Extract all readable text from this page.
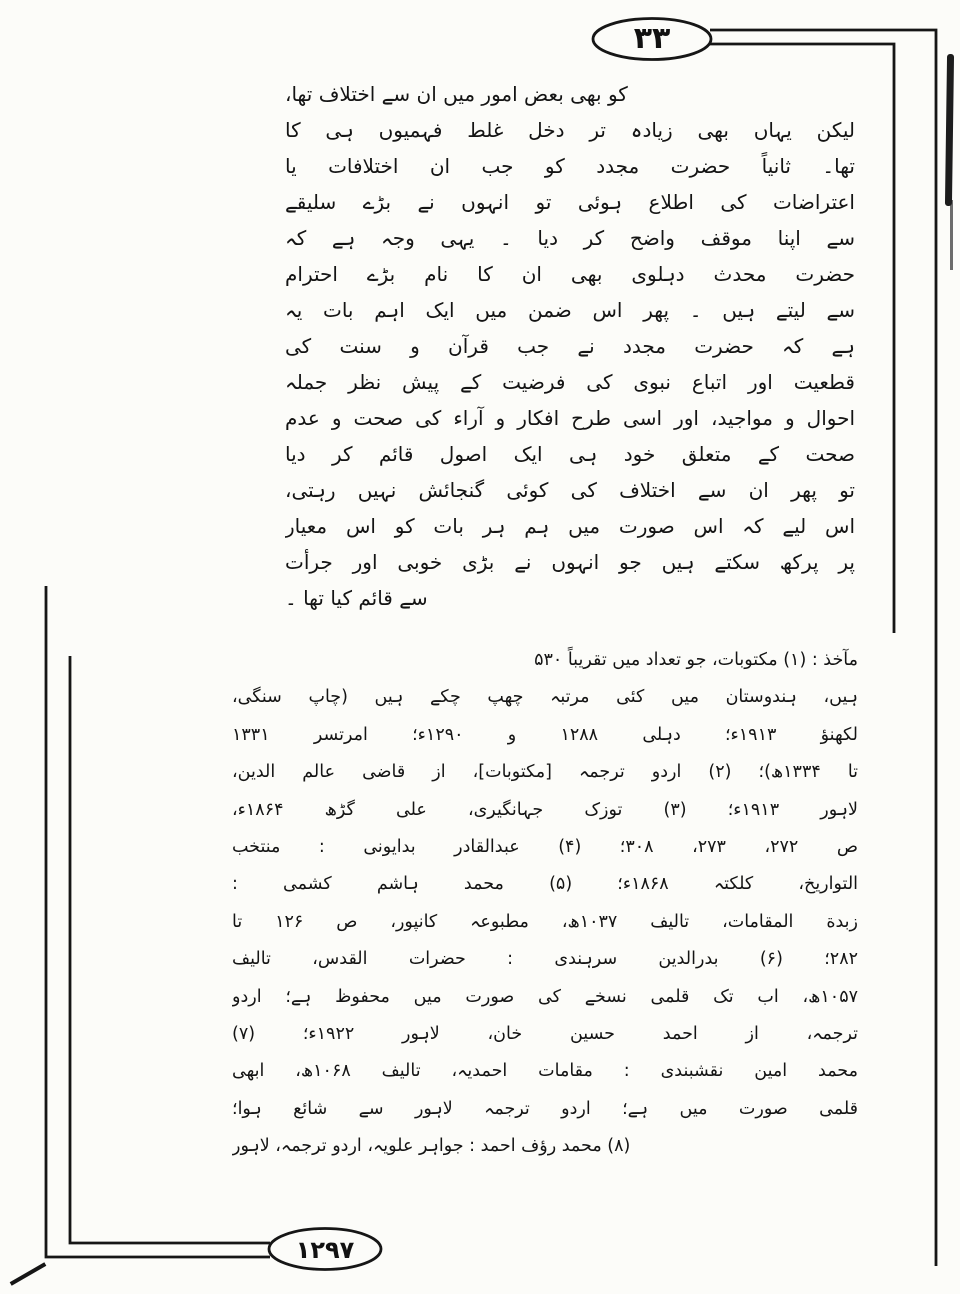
۳۳
۱۲۹۷
کو بھی بعض امور میں ان سے اختلاف تھا،
لیکن یہاں بھی زیادہ تر دخل غلط فہمیوں ہی کا
تھا۔ ثانیاً حضرت مجدد کو جب ان اختلافات یا
اعتراضات کی اطلاع ہوئی تو انہوں نے بڑے سلیقے
سے اپنا موقف واضح کر دیا ۔ یہی وجہ ہے کہ
حضرت محدث دہلوی بھی ان کا نام بڑے احترام
سے لیتے ہیں ۔ پھر اس ضمن میں ایک اہم بات یہ
ہے کہ حضرت مجدد نے جب قرآن و سنت کی
قطعیت اور اتباع نبوی کی فرضیت کے پیش نظر جملہ
احوال و مواجید، اور اسی طرح افکار و آراء کی صحت و عدم
صحت کے متعلق خود ہی ایک اصول قائم کر دیا
تو پھر ان سے اختلاف کی کوئی گنجائش نہیں رہتی،
اس لیے کہ اس صورت میں ہم ہر بات کو اس معیار
پر پرکھ سکتے ہیں جو انہوں نے بڑی خوبی اور جرأت
سے قائم کیا تھا ۔
مآخذ : (۱) مکتوبات، جو تعداد میں تقریباً ۵۳۰
ہیں، ہندوستان میں کئی مرتبہ چھپ چکے ہیں (چاپ سنگی،
لکھنؤ ۱۹۱۳ء؛ دہلی ۱۲۸۸ و ۱۲۹۰ء؛ امرتسر ۱۳۳۱
تا ۱۳۳۴ھ)؛ (۲) اردو ترجمہ [مکتوبات]، از قاضی عالم الدین،
لاہور ۱۹۱۳ء؛ (۳) توزک جہانگیری، علی گڑھ ۱۸۶۴ء،
ص ۲۷۲، ۲۷۳، ۳۰۸؛ (۴) عبدالقادر بدایونی : منتخب
التواریخ، کلکتہ ۱۸۶۸ء؛ (۵) محمد ہاشم کشمی :
زبدة المقامات، تالیف ۱۰۳۷ھ، مطبوعہ کانپور، ص ۱۲۶ تا
۲۸۲؛ (۶) بدرالدین سرہندی : حضرات القدس، تالیف
۱۰۵۷ھ، اب تک قلمی نسخے کی صورت میں محفوظ ہے؛ اردو
ترجمہ، از احمد حسین خان، لاہور ۱۹۲۲ء؛ (۷)
محمد امین نقشبندی : مقامات احمدیہ، تالیف ۱۰۶۸ھ، ابھی
قلمی صورت میں ہے؛ اردو ترجمہ لاہور سے شائع ہوا؛
(۸) محمد رؤف احمد : جواہر علویہ، اردو ترجمہ، لاہور
